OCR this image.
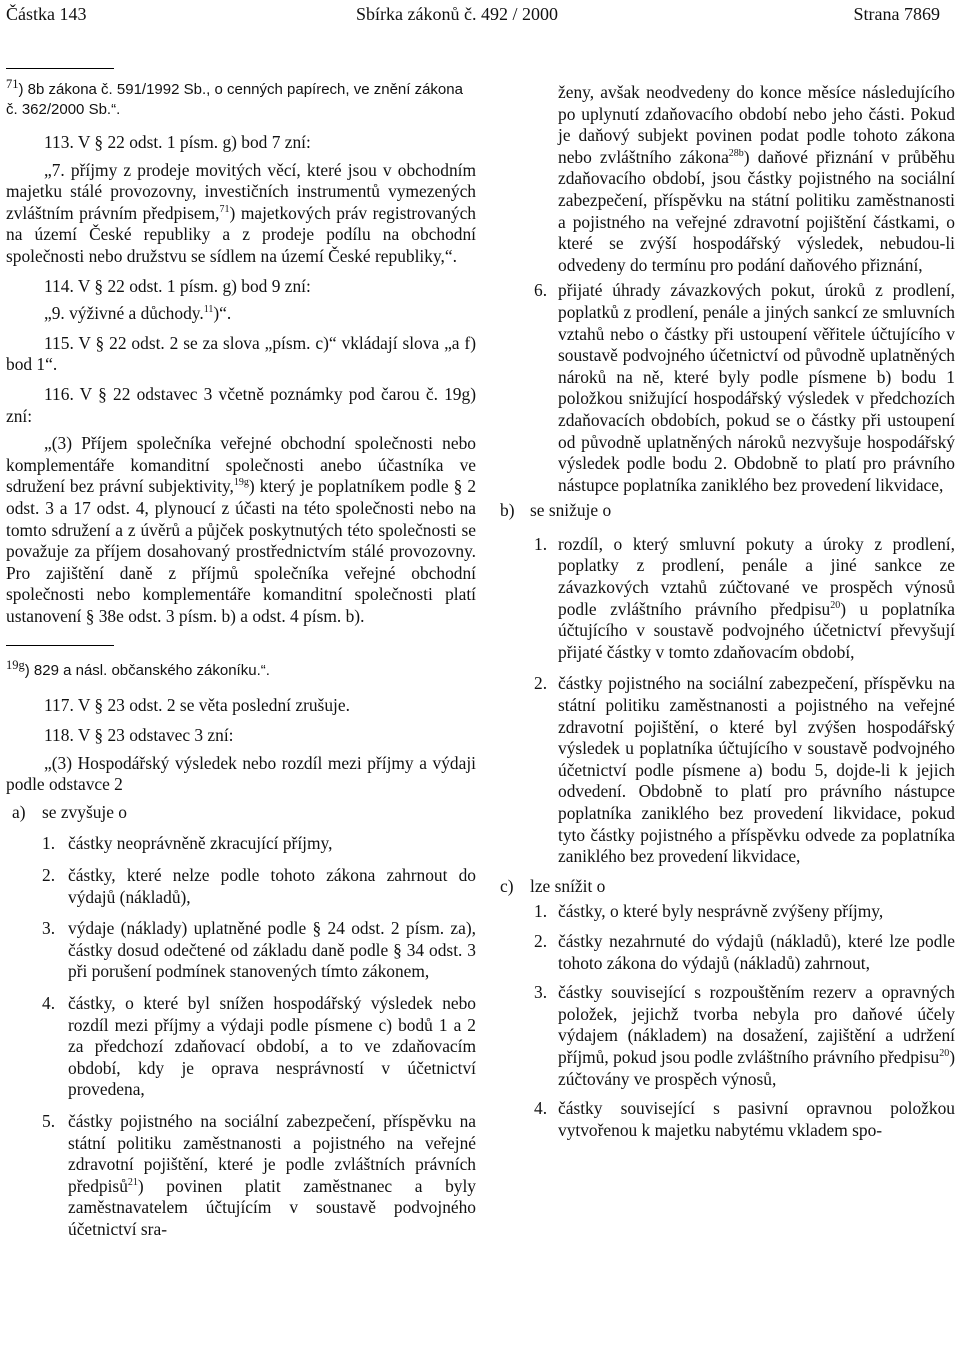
Částka 143	Sbírka zákonů č. 492 / 2000	Strana 7869

$^{71}$) 8b zákona č. 591/1992 Sb., o cenných papírech, ve znění zákona č. 362/2000 Sb.“.

113. V § 22 odst. 1 písm. g) bod 7 zní:

„7. příjmy z prodeje movitých věcí, které jsou v obchodním majetku stálé provozovny, investičních instrumentů vymezených zvláštním právním předpisem,$^{71}$) majetkových práv registrovaných na území České republiky a z prodeje podílu na obchodní společnosti nebo družstvu se sídlem na území České republiky,“.

114. V § 22 odst. 1 písm. g) bod 9 zní:

„9. výživné a důchody.$^{11}$)“.

115. V § 22 odst. 2 se za slova „písm. c)“ vkládají slova „a f) bod 1“.

116. V § 22 odstavec 3 včetně poznámky pod čarou č. 19g) zní:

„(3) Příjem společníka veřejné obchodní společnosti nebo komplementáře komanditní společnosti anebo účastníka ve sdružení bez právní subjektivity,$^{19g}$) který je poplatníkem podle § 2 odst. 3 a 17 odst. 4, plynoucí z účasti na této společnosti nebo na tomto sdružení a z úvěrů a půjček poskytnutých této společnosti se považuje za příjem dosahovaný prostřednictvím stálé provozovny. Pro zajištění daně z příjmů společníka veřejné obchodní společnosti nebo komplementáře komanditní společnosti platí ustanovení § 38e odst. 3 písm. b) a odst. 4 písm. b).

$^{19g}$) 829 a násl. občanského zákoníku.“.

117. V § 23 odst. 2 se věta poslední zrušuje.

118. V § 23 odstavec 3 zní:

„(3) Hospodářský výsledek nebo rozdíl mezi příjmy a výdaji podle odstavce 2

a) se zvyšuje o
1. částky neoprávněně zkracující příjmy,
2. částky, které nelze podle tohoto zákona zahrnout do výdajů (nákladů),
3. výdaje (náklady) uplatněné podle § 24 odst. 2 písm. za), částky dosud odečtené od základu daně podle § 34 odst. 3 při porušení podmínek stanovených tímto zákonem,
4. částky, o které byl snížen hospodářský výsledek nebo rozdíl mezi příjmy a výdaji podle písmene c) bodů 1 a 2 za předchozí zdaňovací období, a to ve zdaňovacím období, kdy je oprava nesprávností v účetnictví provedena,
5. částky pojistného na sociální zabezpečení, příspěvku na státní politiku zaměstnanosti a pojistného na veřejné zdravotní pojištění, které je podle zvláštních právních předpisů$^{21}$) povinen platit zaměstnanec a byly zaměstnavatelem účtujícím v soustavě podvojného účetnictví sra-

ženy, avšak neodvedeny do konce měsíce následujícího po uplynutí zdaňovacího období nebo jeho části. Pokud je daňový subjekt povinen podat podle tohoto zákona nebo zvláštního zákona$^{28b}$) daňové přiznání v průběhu zdaňovacího období, jsou částky pojistného na sociální zabezpečení, příspěvku na státní politiku zaměstnanosti a pojistného na veřejné zdravotní pojištění částkami, o které se zvýší hospodářský výsledek, nebudou-li odvedeny do termínu pro podání daňového přiznání,

6. přijaté úhrady závazkových pokut, úroků z prodlení, poplatků z prodlení, penále a jiných sankcí ze smluvních vztahů nebo o částky při ustoupení věřitele účtujícího v soustavě podvojného účetnictví od původně uplatněných nároků na ně, které byly podle písmene b) bodu 1 položkou snižující hospodářský výsledek v předchozích zdaňovacích obdobích, pokud se o částky při ustoupení od původně uplatněných nároků nezvyšuje hospodářský výsledek podle bodu 2. Obdobně to platí pro právního nástupce poplatníka zaniklého bez provedení likvidace,
b) se snižuje o
1. rozdíl, o který smluvní pokuty a úroky z prodlení, poplatky z prodlení, penále a jiné sankce ze závazkových vztahů zúčtované ve prospěch výnosů podle zvláštního právního předpisu$^{20}$) u poplatníka účtujícího v soustavě podvojného účetnictví převyšují přijaté částky v tomto zdaňovacím období,

2. částky pojistného na sociální zabezpečení, příspěvku na státní politiku zaměstnanosti a pojistného na veřejné zdravotní pojištění, o které byl zvýšen hospodářský výsledek u poplatníka účtujícího v soustavě podvojného účetnictví podle písmene a) bodu 5, dojde-li k jejich odvedení. Obdobně to platí pro právního nástupce poplatníka zaniklého bez provedení likvidace, pokud tyto částky pojistného a příspěvku odvede za poplatníka zaniklého bez provedení likvidace,
c) lze snížit o
1. částky, o které byly nesprávně zvýšeny příjmy,
2. částky nezahrnuté do výdajů (nákladů), které lze podle tohoto zákona do výdajů (nákladů) zahrnout,
3. částky související s rozpouštěním rezerv a opravných položek, jejichž tvorba nebyla pro daňové účely výdajem (nákladem) na dosažení, zajištění a udržení příjmů, pokud jsou podle zvláštního právního předpisu$^{20}$) zúčtovány ve prospěch výnosů,

4. částky související s pasivní opravnou položkou vytvořenou k majetku nabytému vkladem spo-
